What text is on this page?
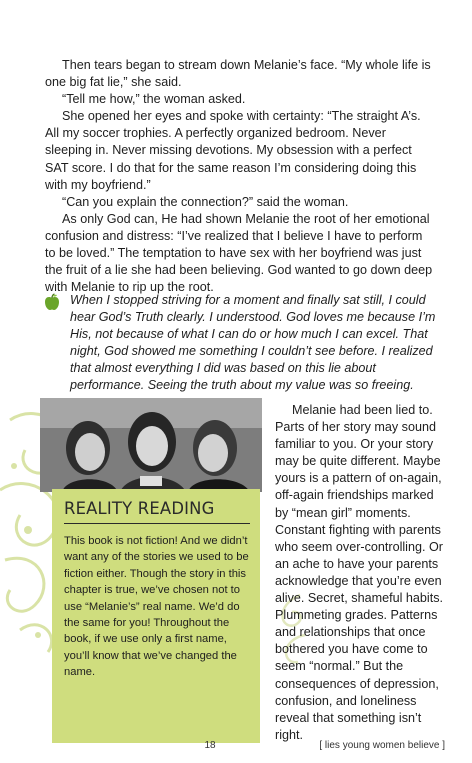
Then tears began to stream down Melanie’s face. “My whole life is one big fat lie,” she said.

“Tell me how,” the woman asked.

She opened her eyes and spoke with certainty: “The straight A’s. All my soccer trophies. A perfectly organized bedroom. Never sleeping in. Never missing devotions. My obsession with a perfect SAT score. I do that for the same reason I’m considering doing this with my boyfriend.”

“Can you explain the connection?” said the woman.

As only God can, He had shown Melanie the root of her emotional confusion and distress: “I’ve realized that I believe I have to perform to be loved.” The temptation to have sex with her boyfriend was just the fruit of a lie she had been believing. God wanted to go down deep with Melanie to rip up the root.

When I stopped striving for a moment and finally sat still, I could hear God’s Truth clearly. I understood. God loves me because I’m His, not because of what I can do or how much I can excel. That night, God showed me something I couldn’t see before. I realized that almost everything I did was based on this lie about performance. Seeing the truth about my value was so freeing.

REALITY READING

This book is not fiction! And we didn’t want any of the stories we used to be fiction either. Though the story in this chapter is true, we’ve chosen not to use “Melanie’s” real name. We’d do the same for you! Throughout the book, if we use only a first name, you’ll know that we’ve changed the name.

Melanie had been lied to. Parts of her story may sound familiar to you. Or your story may be quite different. Maybe yours is a pattern of on-again, off-again friendships marked by “mean girl” moments. Constant fighting with parents who seem over-controlling. Or an ache to have your parents acknowledge that you’re even alive. Secret, shameful habits. Plummeting grades. Patterns and relationships that once bothered you have come to seem “normal.” But the consequences of depression, confusion, and loneliness reveal that something isn’t right.

18	[ lies young women believe ]
